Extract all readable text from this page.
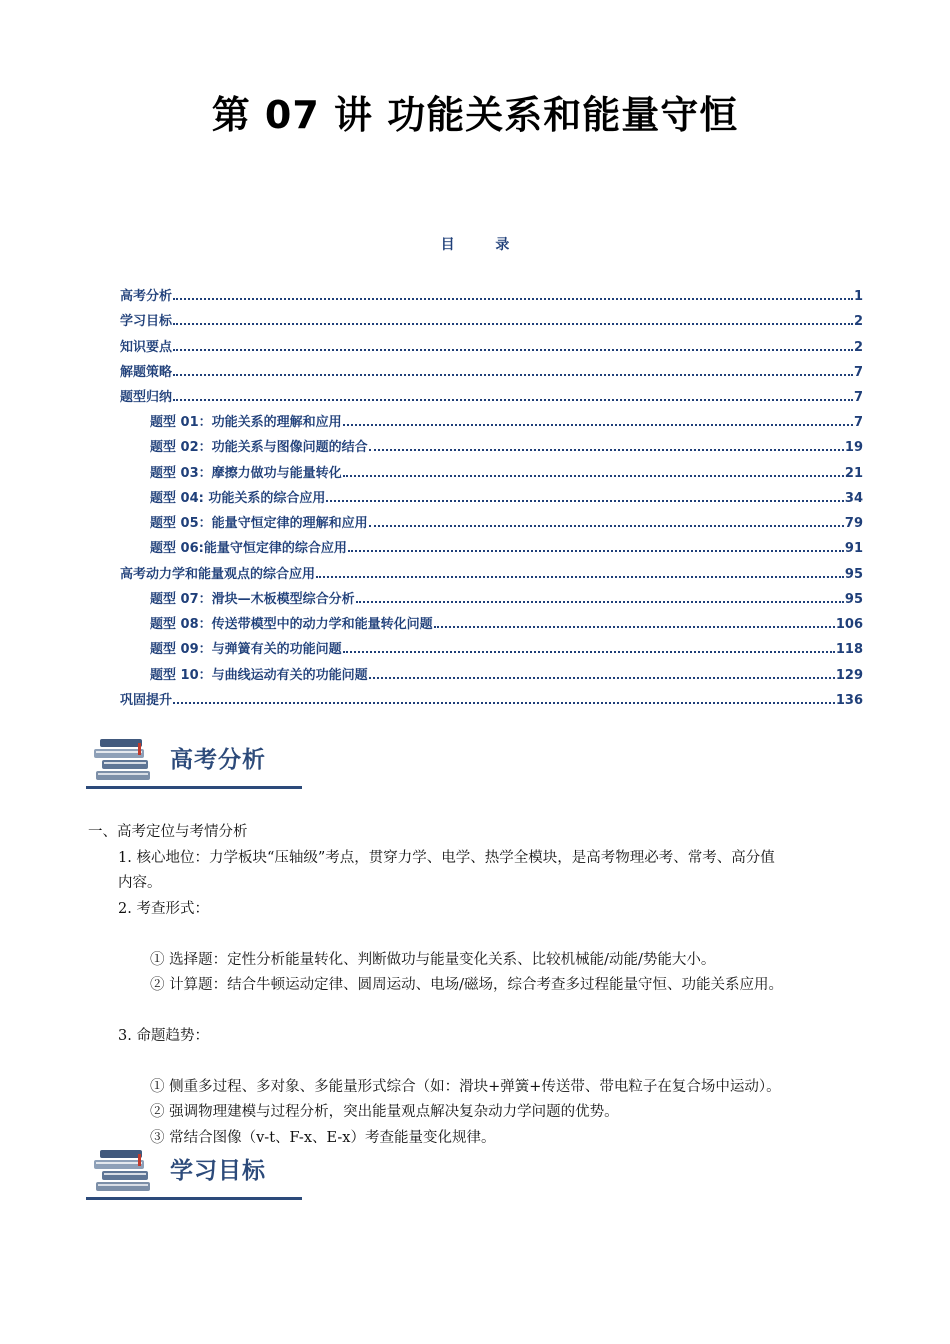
第 07 讲 功能关系和能量守恒
目 录
高考分析	1
学习目标	2
知识要点	2
解题策略	7
题型归纳	7
题型 01：功能关系的理解和应用	7
题型 02：功能关系与图像问题的结合	19
题型 03：摩擦力做功与能量转化	21
题型 04: 功能关系的综合应用	34
题型 05：能量守恒定律的理解和应用	79
题型 06:能量守恒定律的综合应用	91
高考动力学和能量观点的综合应用	95
题型 07：滑块—木板模型综合分析	95
题型 08：传送带模型中的动力学和能量转化问题	106
题型 09：与弹簧有关的功能问题	118
题型 10：与曲线运动有关的功能问题	129
巩固提升	136
高考分析
一、高考定位与考情分析
1. 核心地位：力学板块“压轴级”考点，贯穿力学、电学、热学全模块，是高考物理必考、常考、高分值
内容。
2. 考查形式：
① 选择题：定性分析能量转化、判断做功与能量变化关系、比较机械能/动能/势能大小。
② 计算题：结合牛顿运动定律、圆周运动、电场/磁场，综合考查多过程能量守恒、功能关系应用。
3. 命题趋势：
① 侧重多过程、多对象、多能量形式综合（如：滑块+弹簧+传送带、带电粒子在复合场中运动）。
② 强调物理建模与过程分析，突出能量观点解决复杂动力学问题的优势。
③ 常结合图像（v-t、F-x、E-x）考查能量变化规律。
学习目标
